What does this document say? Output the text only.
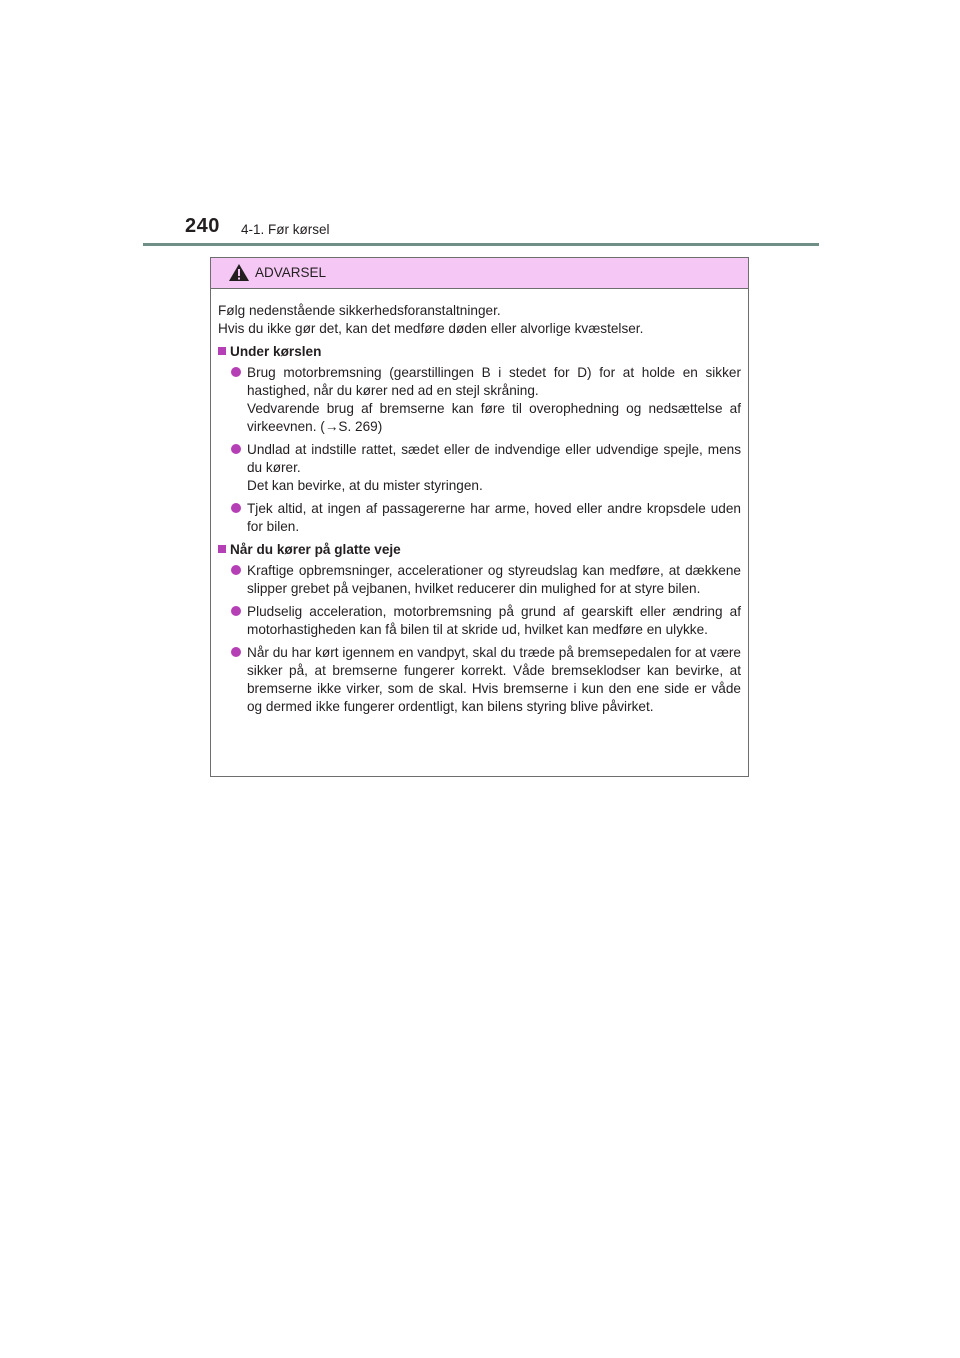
240 4-1. Før kørsel
ADVARSEL

Følg nedenstående sikkerhedsforanstaltninger.

Hvis du ikke gør det, kan det medføre døden eller alvorlige kvæstelser.

Under kørslen

Brug motorbremsning (gearstillingen B i stedet for D) for at holde en sikker hastighed, når du kører ned ad en stejl skråning.

Vedvarende brug af bremserne kan føre til overophedning og nedsættelse af virkeevnen. (→S. 269)

Undlad at indstille rattet, sædet eller de indvendige eller udvendige spejle, mens du kører.

Det kan bevirke, at du mister styringen.

Tjek altid, at ingen af passagererne har arme, hoved eller andre kropsdele uden for bilen.

Når du kører på glatte veje

Kraftige opbremsninger, accelerationer og styreudslag kan medføre, at dækkene slipper grebet på vejbanen, hvilket reducerer din mulighed for at styre bilen.

Pludselig acceleration, motorbremsning på grund af gearskift eller ændring af motorhastigheden kan få bilen til at skride ud, hvilket kan medføre en ulykke.

Når du har kørt igennem en vandpyt, skal du træde på bremsepedalen for at være sikker på, at bremserne fungerer korrekt. Våde bremseklodser kan bevirke, at bremserne ikke virker, som de skal. Hvis bremserne i kun den ene side er våde og dermed ikke fungerer ordentligt, kan bilens styring blive påvirket.
